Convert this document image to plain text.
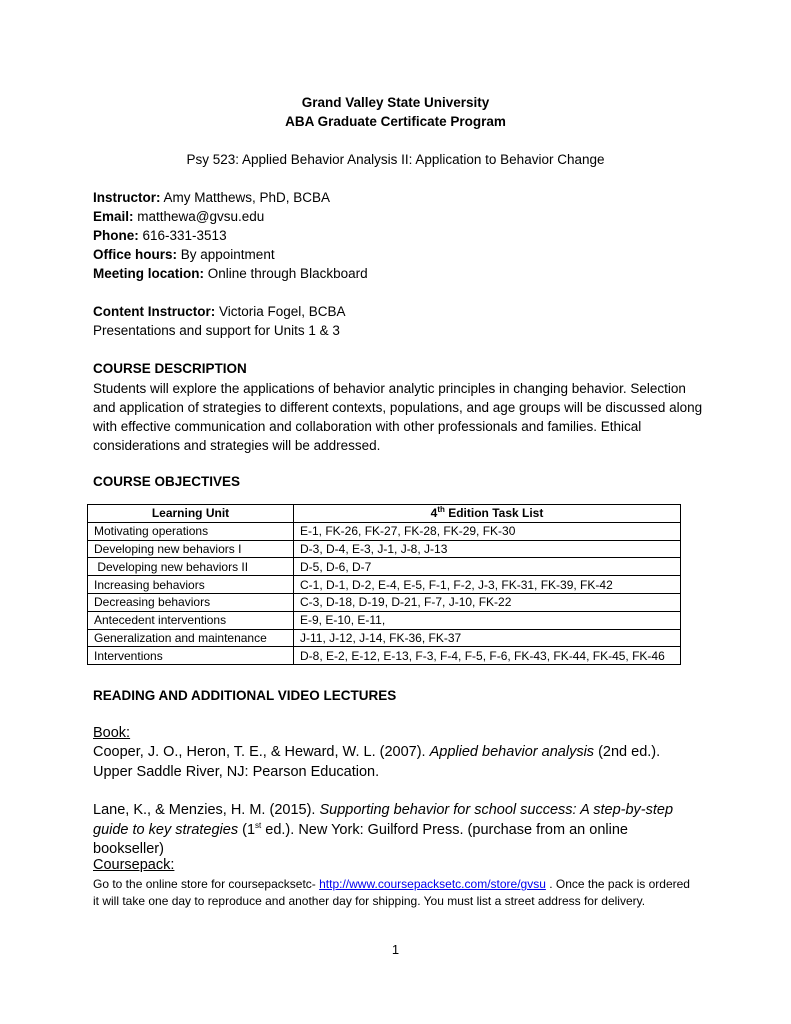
Grand Valley State University
ABA Graduate Certificate Program
Psy 523: Applied Behavior Analysis II: Application to Behavior Change
Instructor: Amy Matthews, PhD, BCBA
Email: matthewa@gvsu.edu
Phone: 616-331-3513
Office hours: By appointment
Meeting location: Online through Blackboard
Content Instructor: Victoria Fogel, BCBA
Presentations and support for Units 1 & 3
COURSE DESCRIPTION
Students will explore the applications of behavior analytic principles in changing behavior. Selection and application of strategies to different contexts, populations, and age groups will be discussed along with effective communication and collaboration with other professionals and families. Ethical considerations and strategies will be addressed.
COURSE OBJECTIVES
Learning Unit	4th Edition Task List
Motivating operations	E-1, FK-26, FK-27, FK-28, FK-29, FK-30
Developing new behaviors I	D-3, D-4, E-3, J-1, J-8, J-13
Developing new behaviors II	D-5, D-6, D-7
Increasing behaviors	C-1, D-1, D-2, E-4, E-5, F-1, F-2, J-3, FK-31, FK-39, FK-42
Decreasing behaviors	C-3, D-18, D-19, D-21, F-7, J-10, FK-22
Antecedent interventions	E-9, E-10, E-11,
Generalization and maintenance	J-11, J-12, J-14, FK-36, FK-37
Interventions	D-8, E-2, E-12, E-13, F-3, F-4, F-5, F-6, FK-43, FK-44, FK-45, FK-46
READING AND ADDITIONAL VIDEO LECTURES
Book:
Cooper, J. O., Heron, T. E., & Heward, W. L. (2007). Applied behavior analysis (2nd ed.). Upper Saddle River, NJ: Pearson Education.
Lane, K., & Menzies, H. M. (2015). Supporting behavior for school success: A step-by-step guide to key strategies (1st ed.). New York: Guilford Press. (purchase from an online bookseller)
Coursepack:
Go to the online store for coursepacksetc- http://www.coursepacksetc.com/store/gvsu . Once the pack is ordered it will take one day to reproduce and another day for shipping. You must list a street address for delivery.
1
